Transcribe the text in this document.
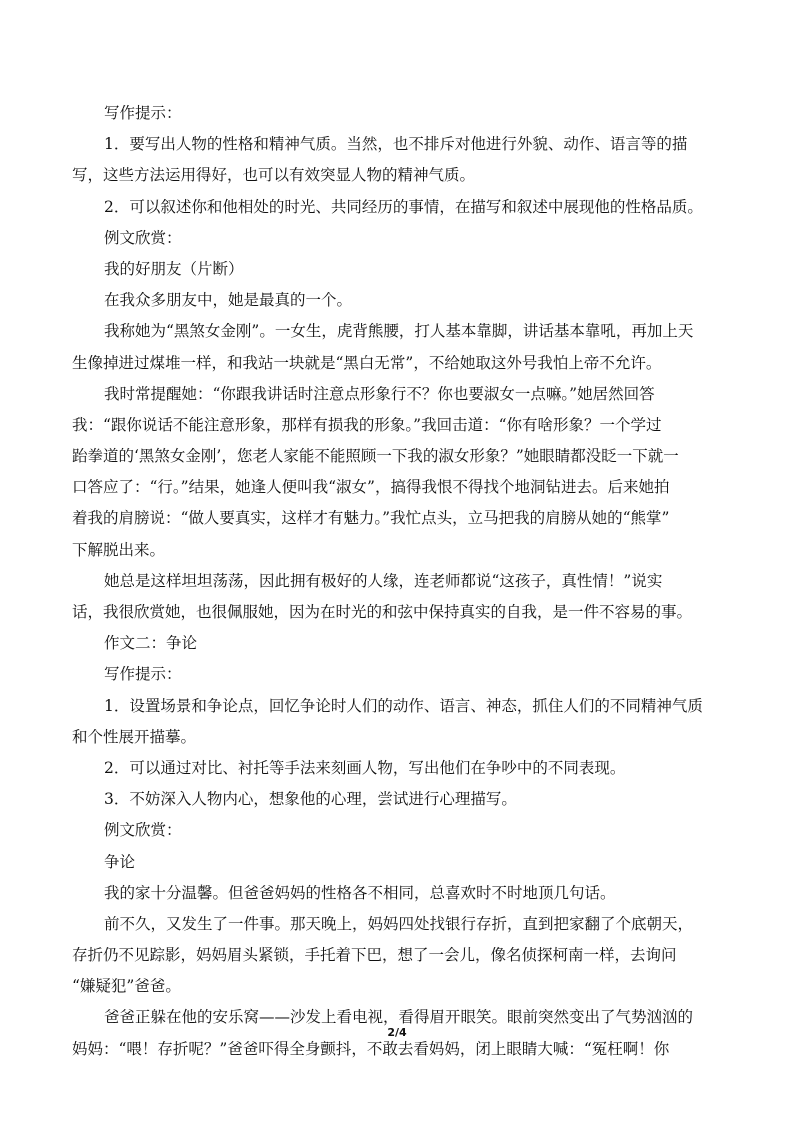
写作提示：
1．要写出人物的性格和精神气质。当然，也不排斥对他进行外貌、动作、语言等的描
写，这些方法运用得好，也可以有效突显人物的精神气质。
2．可以叙述你和他相处的时光、共同经历的事情，在描写和叙述中展现他的性格品质。
例文欣赏：
我的好朋友（片断）
在我众多朋友中，她是最真的一个。
我称她为“黑煞女金刚”。一女生，虎背熊腰，打人基本靠脚，讲话基本靠吼，再加上天
生像掉进过煤堆一样，和我站一块就是“黑白无常”，不给她取这外号我怕上帝不允许。
我时常提醒她：“你跟我讲话时注意点形象行不？你也要淑女一点嘛。”她居然回答
我：“跟你说话不能注意形象，那样有损我的形象。”我回击道：“你有啥形象？一个学过
跆拳道的‘黑煞女金刚’，您老人家能不能照顾一下我的淑女形象？”她眼睛都没眨一下就一
口答应了：“行。”结果，她逢人便叫我“淑女”，搞得我恨不得找个地洞钻进去。后来她拍
着我的肩膀说：“做人要真实，这样才有魅力。”我忙点头，立马把我的肩膀从她的“熊掌”
下解脱出来。
她总是这样坦坦荡荡，因此拥有极好的人缘，连老师都说“这孩子，真性情！”说实
话，我很欣赏她，也很佩服她，因为在时光的和弦中保持真实的自我，是一件不容易的事。
作文二：争论
写作提示：
1．设置场景和争论点，回忆争论时人们的动作、语言、神态，抓住人们的不同精神气质
和个性展开描摹。
2．可以通过对比、衬托等手法来刻画人物，写出他们在争吵中的不同表现。
3．不妨深入人物内心，想象他的心理，尝试进行心理描写。
例文欣赏：
争论
我的家十分温馨。但爸爸妈妈的性格各不相同，总喜欢时不时地顶几句话。
前不久，又发生了一件事。那天晚上，妈妈四处找银行存折，直到把家翻了个底朝天，
存折仍不见踪影，妈妈眉头紧锁，手托着下巴，想了一会儿，像名侦探柯南一样，去询问
“嫌疑犯”爸爸。
爸爸正躲在他的安乐窝——沙发上看电视，看得眉开眼笑。眼前突然变出了气势汹汹的
妈妈：“喂！存折呢？”爸爸吓得全身颤抖，不敢去看妈妈，闭上眼睛大喊：“冤枉啊！你
2/4
